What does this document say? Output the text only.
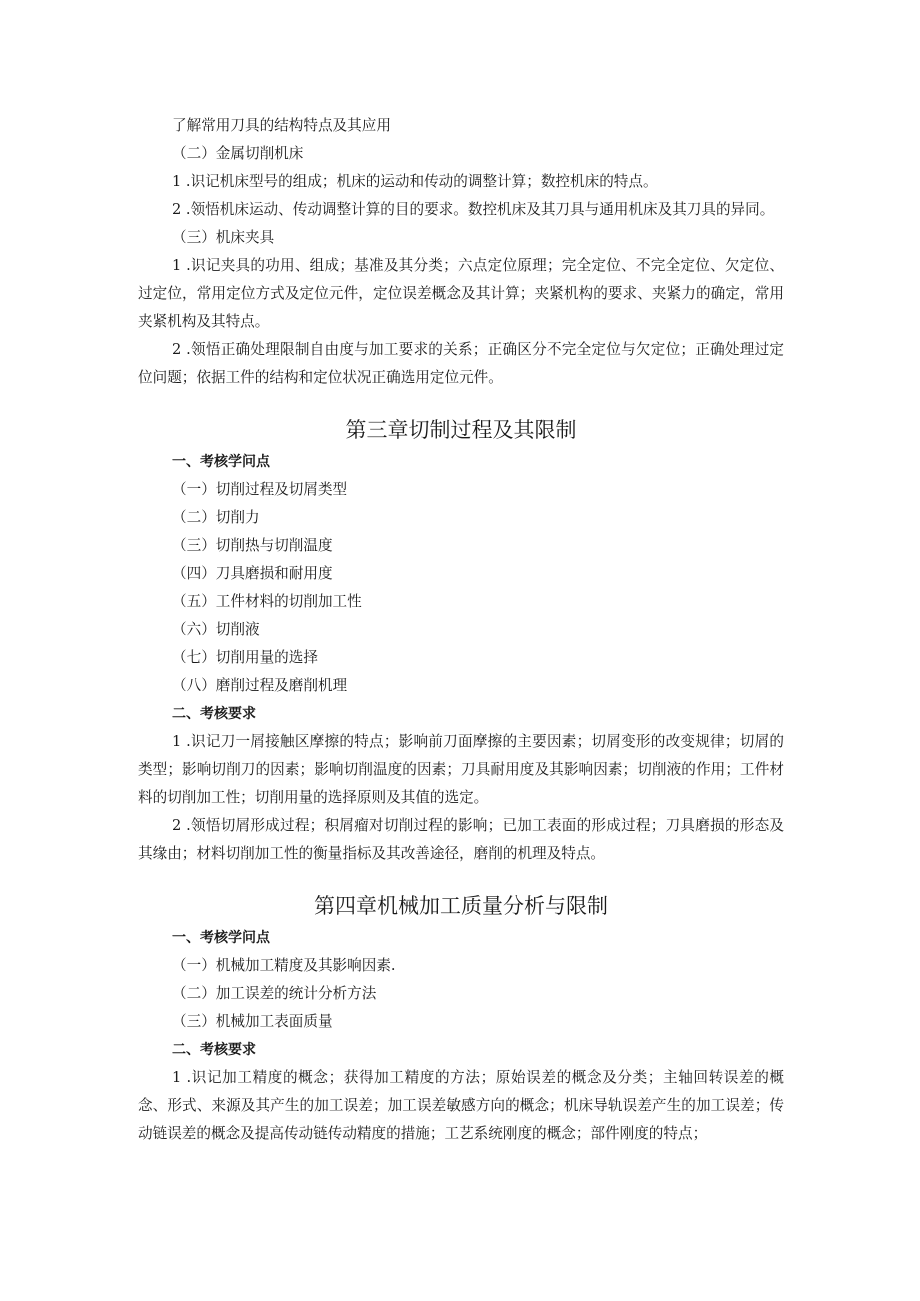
了解常用刀具的结构特点及其应用

（二）金属切削机床

1 .识记机床型号的组成；机床的运动和传动的调整计算；数控机床的特点。

2 .领悟机床运动、传动调整计算的目的要求。数控机床及其刀具与通用机床及其刀具的异同。

（三）机床夹具

1 .识记夹具的功用、组成；基准及其分类；六点定位原理；完全定位、不完全定位、欠定位、过定位，常用定位方式及定位元件，定位误差概念及其计算；夹紧机构的要求、夹紧力的确定，常用夹紧机构及其特点。

2 .领悟正确处理限制自由度与加工要求的关系；正确区分不完全定位与欠定位；正确处理过定位问题；依据工件的结构和定位状况正确选用定位元件。

第三章切制过程及其限制

一、考核学问点

（一）切削过程及切屑类型

（二）切削力

（三）切削热与切削温度

（四）刀具磨损和耐用度

（五）工件材料的切削加工性

（六）切削液

（七）切削用量的选择

（八）磨削过程及磨削机理

二、考核要求

1 .识记刀一屑接触区摩擦的特点；影响前刀面摩擦的主要因素；切屑变形的改变规律；切屑的类型；影响切削刀的因素；影响切削温度的因素；刀具耐用度及其影响因素；切削液的作用；工件材料的切削加工性；切削用量的选择原则及其值的选定。

2 .领悟切屑形成过程；积屑瘤对切削过程的影响；已加工表面的形成过程；刀具磨损的形态及其缘由；材料切削加工性的衡量指标及其改善途径，磨削的机理及特点。

第四章机械加工质量分析与限制

一、考核学问点

（一）机械加工精度及其影响因素.

（二）加工误差的统计分析方法

（三）机械加工表面质量

二、考核要求

1 .识记加工精度的概念；获得加工精度的方法；原始误差的概念及分类；主轴回转误差的概念、形式、来源及其产生的加工误差；加工误差敏感方向的概念；机床导轨误差产生的加工误差；传动链误差的概念及提高传动链传动精度的措施；工艺系统刚度的概念；部件刚度的特点；
